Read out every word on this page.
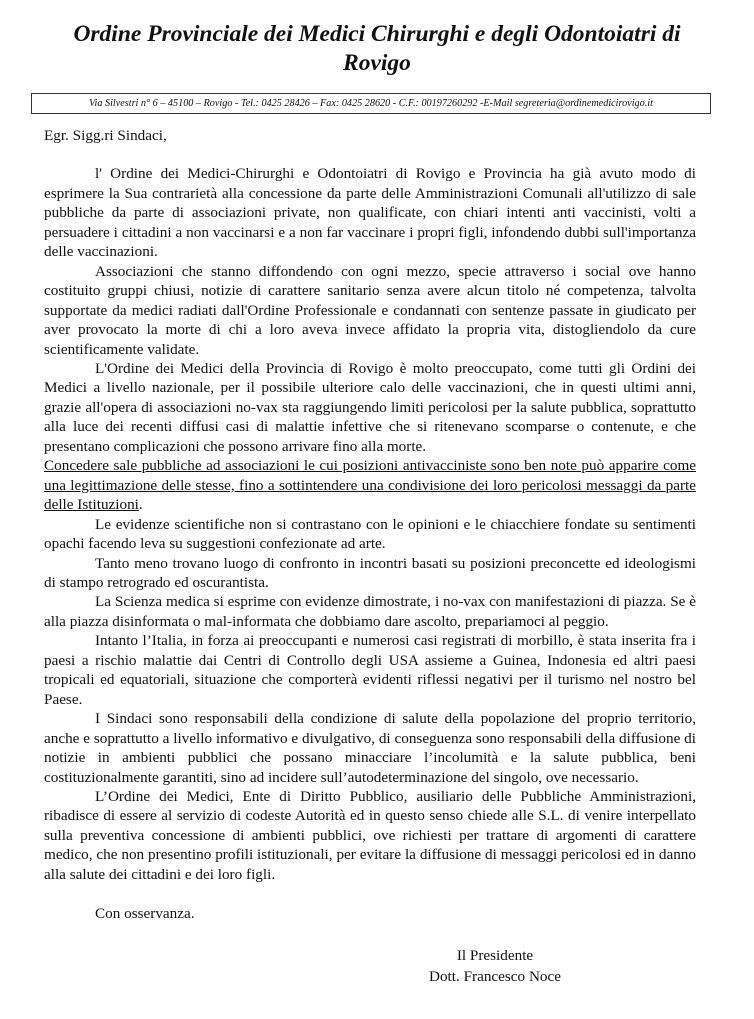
Ordine Provinciale dei Medici Chirurghi e degli Odontoiatri di Rovigo
Via Silvestri n° 6 – 45100 – Rovigo - Tel.: 0425 28426 – Fax: 0425 28620 - C.F.: 00197260292 -E-Mail segreteria@ordinemedicirovigo.it

Egr. Sigg.ri Sindaci,

l' Ordine dei Medici-Chirurghi e Odontoiatri di Rovigo e Provincia ha già avuto modo di esprimere la Sua contrarietà alla concessione da parte delle Amministrazioni Comunali all'utilizzo di sale pubbliche da parte di associazioni private, non qualificate, con chiari intenti anti vaccinisti, volti a persuadere i cittadini a non vaccinarsi e a non far vaccinare i propri figli, infondendo dubbi sull'importanza delle vaccinazioni.

Associazioni che stanno diffondendo con ogni mezzo, specie attraverso i social ove hanno costituito gruppi chiusi, notizie di carattere sanitario senza avere alcun titolo né competenza, talvolta supportate da medici radiati dall'Ordine Professionale e condannati con sentenze passate in giudicato per aver provocato la morte di chi a loro aveva invece affidato la propria vita, distogliendolo da cure scientificamente validate.

L'Ordine dei Medici della Provincia di Rovigo è molto preoccupato, come tutti gli Ordini dei Medici a livello nazionale, per il possibile ulteriore calo delle vaccinazioni, che in questi ultimi anni, grazie all'opera di associazioni no-vax sta raggiungendo limiti pericolosi per la salute pubblica, soprattutto alla luce dei recenti diffusi casi di malattie infettive che si ritenevano scomparse o contenute, e che presentano complicazioni che possono arrivare fino alla morte.

Concedere sale pubbliche ad associazioni le cui posizioni antivacciniste sono ben note può apparire come una legittimazione delle stesse, fino a sottintendere una condivisione dei loro pericolosi messaggi da parte delle Istituzioni.

Le evidenze scientifiche non si contrastano con le opinioni e le chiacchiere fondate su sentimenti opachi facendo leva su suggestioni confezionate ad arte.

Tanto meno trovano luogo di confronto in incontri basati su posizioni preconcette ed ideologismi di stampo retrogrado ed oscurantista.

La Scienza medica si esprime con evidenze dimostrate, i no-vax con manifestazioni di piazza. Se è alla piazza disinformata o mal-informata che dobbiamo dare ascolto, prepariamoci al peggio.

Intanto l’Italia, in forza ai preoccupanti e numerosi casi registrati di morbillo, è stata inserita fra i paesi a rischio malattie dai Centri di Controllo degli USA assieme a Guinea, Indonesia ed altri paesi tropicali ed equatoriali, situazione che comporterà evidenti riflessi negativi per il turismo nel nostro bel Paese.

I Sindaci sono responsabili della condizione di salute della popolazione del proprio territorio, anche e soprattutto a livello informativo e divulgativo, di conseguenza sono responsabili della diffusione di notizie in ambienti pubblici che possano minacciare l’incolumità e la salute pubblica, beni costituzionalmente garantiti, sino ad incidere sull’autodeterminazione del singolo, ove necessario.

L’Ordine dei Medici, Ente di Diritto Pubblico, ausiliario delle Pubbliche Amministrazioni, ribadisce di essere al servizio di codeste Autorità ed in questo senso chiede alle S.L. di venire interpellato sulla preventiva concessione di ambienti pubblici, ove richiesti per trattare di argomenti di carattere medico, che non presentino profili istituzionali, per evitare la diffusione di messaggi pericolosi ed in danno alla salute dei cittadini e dei loro figli.

Con osservanza.

Il Presidente
Dott. Francesco Noce
